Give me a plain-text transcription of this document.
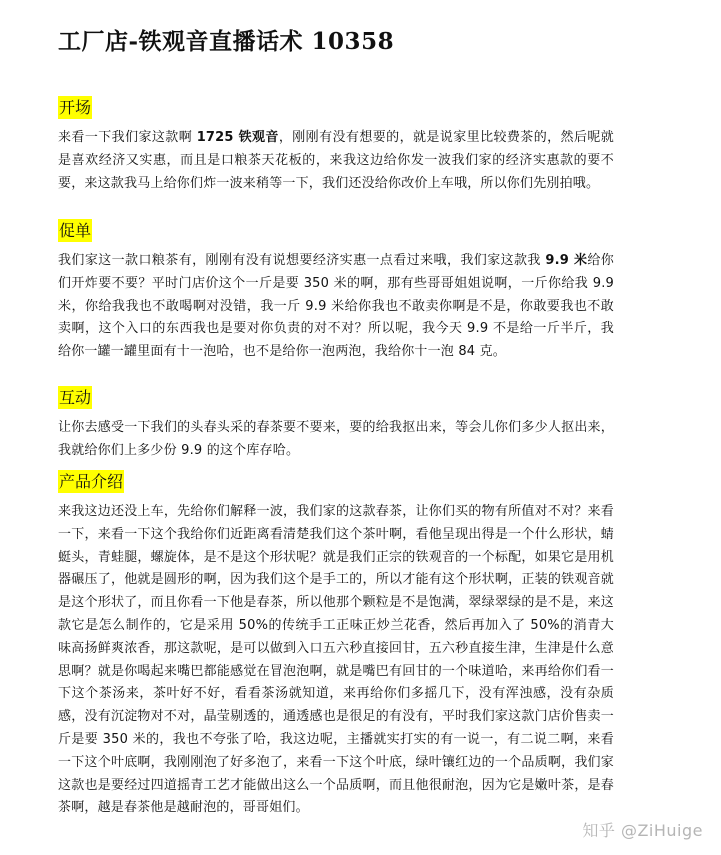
工厂店-铁观音直播话术 10358
开场

来看一下我们家这款啊 1725 铁观音，刚刚有没有想要的，就是说家里比较费茶的，然后呢就是喜欢经济又实惠，而且是口粮茶天花板的，来我这边给你发一波我们家的经济实惠款的要不要，来这款我马上给你们炸一波来稍等一下，我们还没给你改价上车哦，所以你们先別拍哦。

促单

我们家这一款口粮茶有，刚刚有没有说想要经济实惠一点看过来哦，我们家这款我 9.9 米给你们开炸要不要？平时门店价这个一斤是要 350 米的啊，那有些哥哥姐姐说啊，一斤你给我 9.9 米，你给我我也不敢喝啊对没错，我一斤 9.9 米给你我也不敢卖你啊是不是，你敢要我也不敢卖啊，这个入口的东西我也是要对你负责的对不对？所以呢，我今天 9.9 不是给一斤半斤，我给你一罐一罐里面有十一泡哈，也不是给你一泡两泡，我给你十一泡 84 克。

互动

让你去感受一下我们的头春头采的春茶要不要来，要的给我抠出来，等会儿你们多少人抠出来，我就给你们上多少份 9.9 的这个库存哈。

产品介绍

来我这边还没上车，先给你们解释一波，我们家的这款春茶，让你们买的物有所值对不对？来看一下，来看一下这个我给你们近距离看清楚我们这个茶叶啊，看他呈现出得是一个什么形状，蜻蜓头，青蛙腿，螺旋体，是不是这个形状呢？就是我们正宗的铁观音的一个标配，如果它是用机器碾压了，他就是圆形的啊，因为我们这个是手工的，所以才能有这个形状啊，正装的铁观音就是这个形状了，而且你看一下他是春茶，所以他那个颗粒是不是饱满，翠绿翠绿的是不是，来这款它是怎么制作的，它是采用 50%的传统手工正味正炒兰花香，然后再加入了 50%的消青大味高扬鲜爽浓香，那这款呢，是可以做到入口五六秒直接回甘，五六秒直接生津，生津是什么意思啊？就是你喝起来嘴巴都能感觉在冒泡泡啊，就是嘴巴有回甘的一个味道哈，来再给你们看一下这个茶汤来，茶叶好不好，看看茶汤就知道，来再给你们多摇几下，没有浑浊感，没有杂质感，没有沉淀物对不对，晶莹剔透的，通透感也是很足的有没有，平时我们家这款门店价售卖一斤是要 350 米的，我也不夸张了哈，我这边呢，主播就实打实的有一说一，有二说二啊，来看一下这个叶底啊，我刚刚泡了好多泡了，来看一下这个叶底，绿叶镶红边的一个品质啊，我们家这款也是要经过四道摇青工艺才能做出这么一个品质啊，而且他很耐泡，因为它是嫩叶茶，是春茶啊，越是春茶他是越耐泡的，哥哥姐们。

知乎 @ZiHuige
